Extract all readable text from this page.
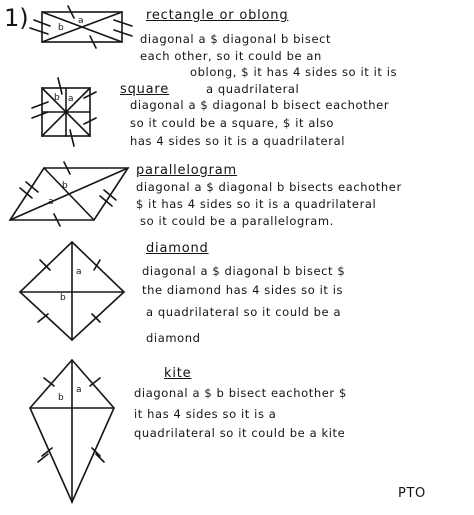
1)	a
b
a
b
b
a
a
b
a
b
rectangle or oblong
diagonal a $ diagonal b bisect
each other, so it could be an
oblong, $ it has 4 sides so it it is
a quadrilateral
square
diagonal a $ diagonal b bisect eachother
so it could be a square, $ it also
has 4 sides so it is a quadrilateral
parallelogram
diagonal a $ diagonal b bisects eachother
$ it has 4 sides so it is a quadrilateral
so it could be a parallelogram.
diamond
diagonal a $ diagonal b bisect $
the diamond has 4 sides so it is
a quadrilateral so it could be a
diamond
kite
diagonal a $ b bisect eachother $
it has 4 sides so it is a
quadrilateral so it could be a kite
PTO
